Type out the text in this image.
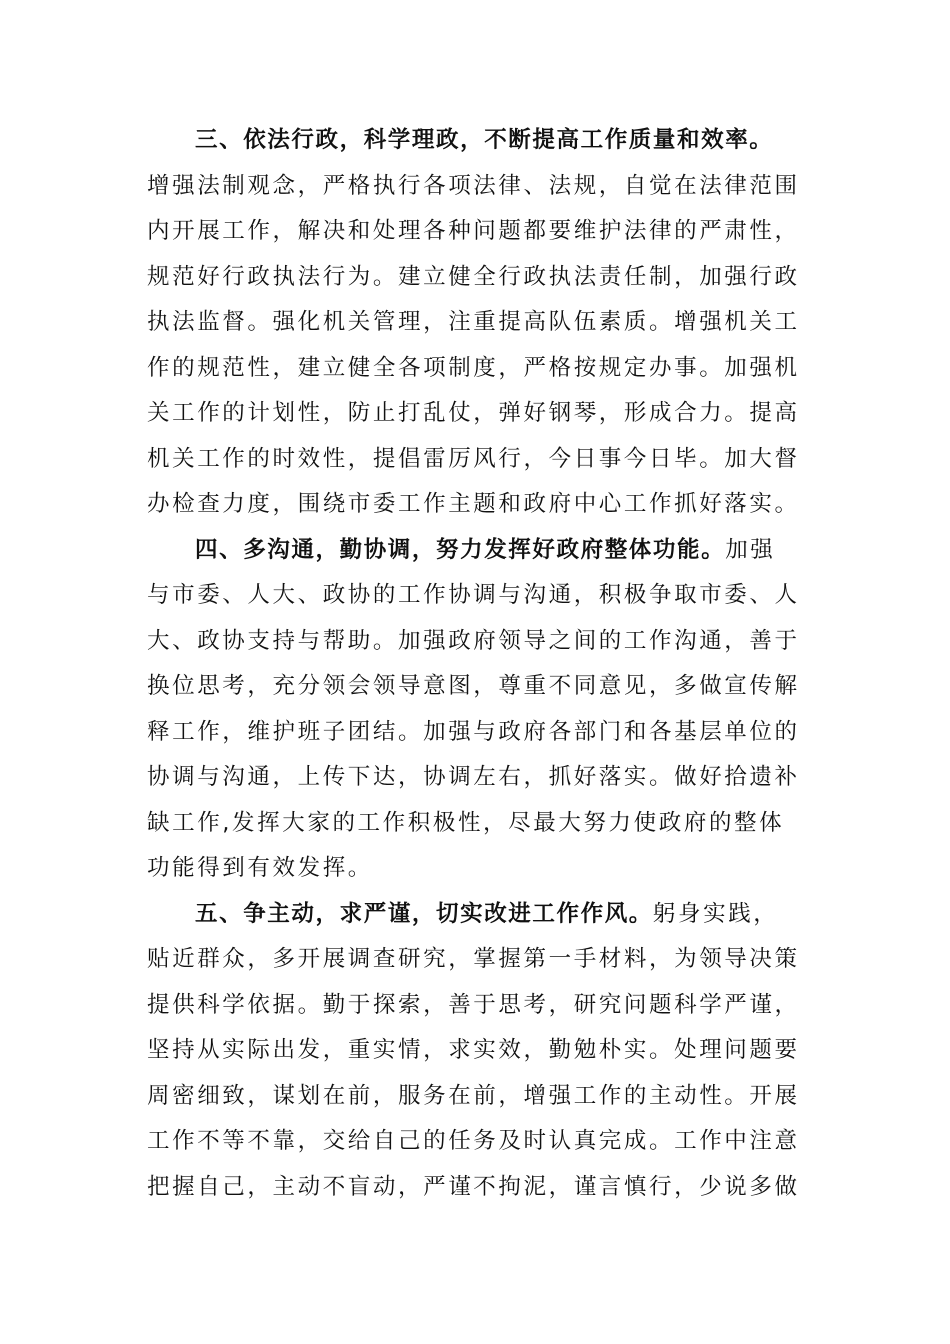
三、依法行政，科学理政，不断提高工作质量和效率。
增强法制观念，严格执行各项法律、法规，自觉在法律范围
内开展工作，解决和处理各种问题都要维护法律的严肃性，
规范好行政执法行为。建立健全行政执法责任制，加强行政
执法监督。强化机关管理，注重提高队伍素质。增强机关工
作的规范性，建立健全各项制度，严格按规定办事。加强机
关工作的计划性，防止打乱仗，弹好钢琴，形成合力。提高
机关工作的时效性，提倡雷厉风行，今日事今日毕。加大督
办检查力度，围绕市委工作主题和政府中心工作抓好落实。
四、多沟通，勤协调，努力发挥好政府整体功能。加强
与市委、人大、政协的工作协调与沟通，积极争取市委、人
大、政协支持与帮助。加强政府领导之间的工作沟通，善于
换位思考，充分领会领导意图，尊重不同意见，多做宣传解
释工作，维护班子团结。加强与政府各部门和各基层单位的
协调与沟通，上传下达，协调左右，抓好落实。做好拾遗补
缺工作,发挥大家的工作积极性，尽最大努力使政府的整体
功能得到有效发挥。
五、争主动，求严谨，切实改进工作作风。躬身实践，
贴近群众，多开展调查研究，掌握第一手材料，为领导决策
提供科学依据。勤于探索，善于思考，研究问题科学严谨，
坚持从实际出发，重实情，求实效，勤勉朴实。处理问题要
周密细致，谋划在前，服务在前，增强工作的主动性。开展
工作不等不靠，交给自己的任务及时认真完成。工作中注意
把握自己，主动不盲动，严谨不拘泥，谨言慎行，少说多做
